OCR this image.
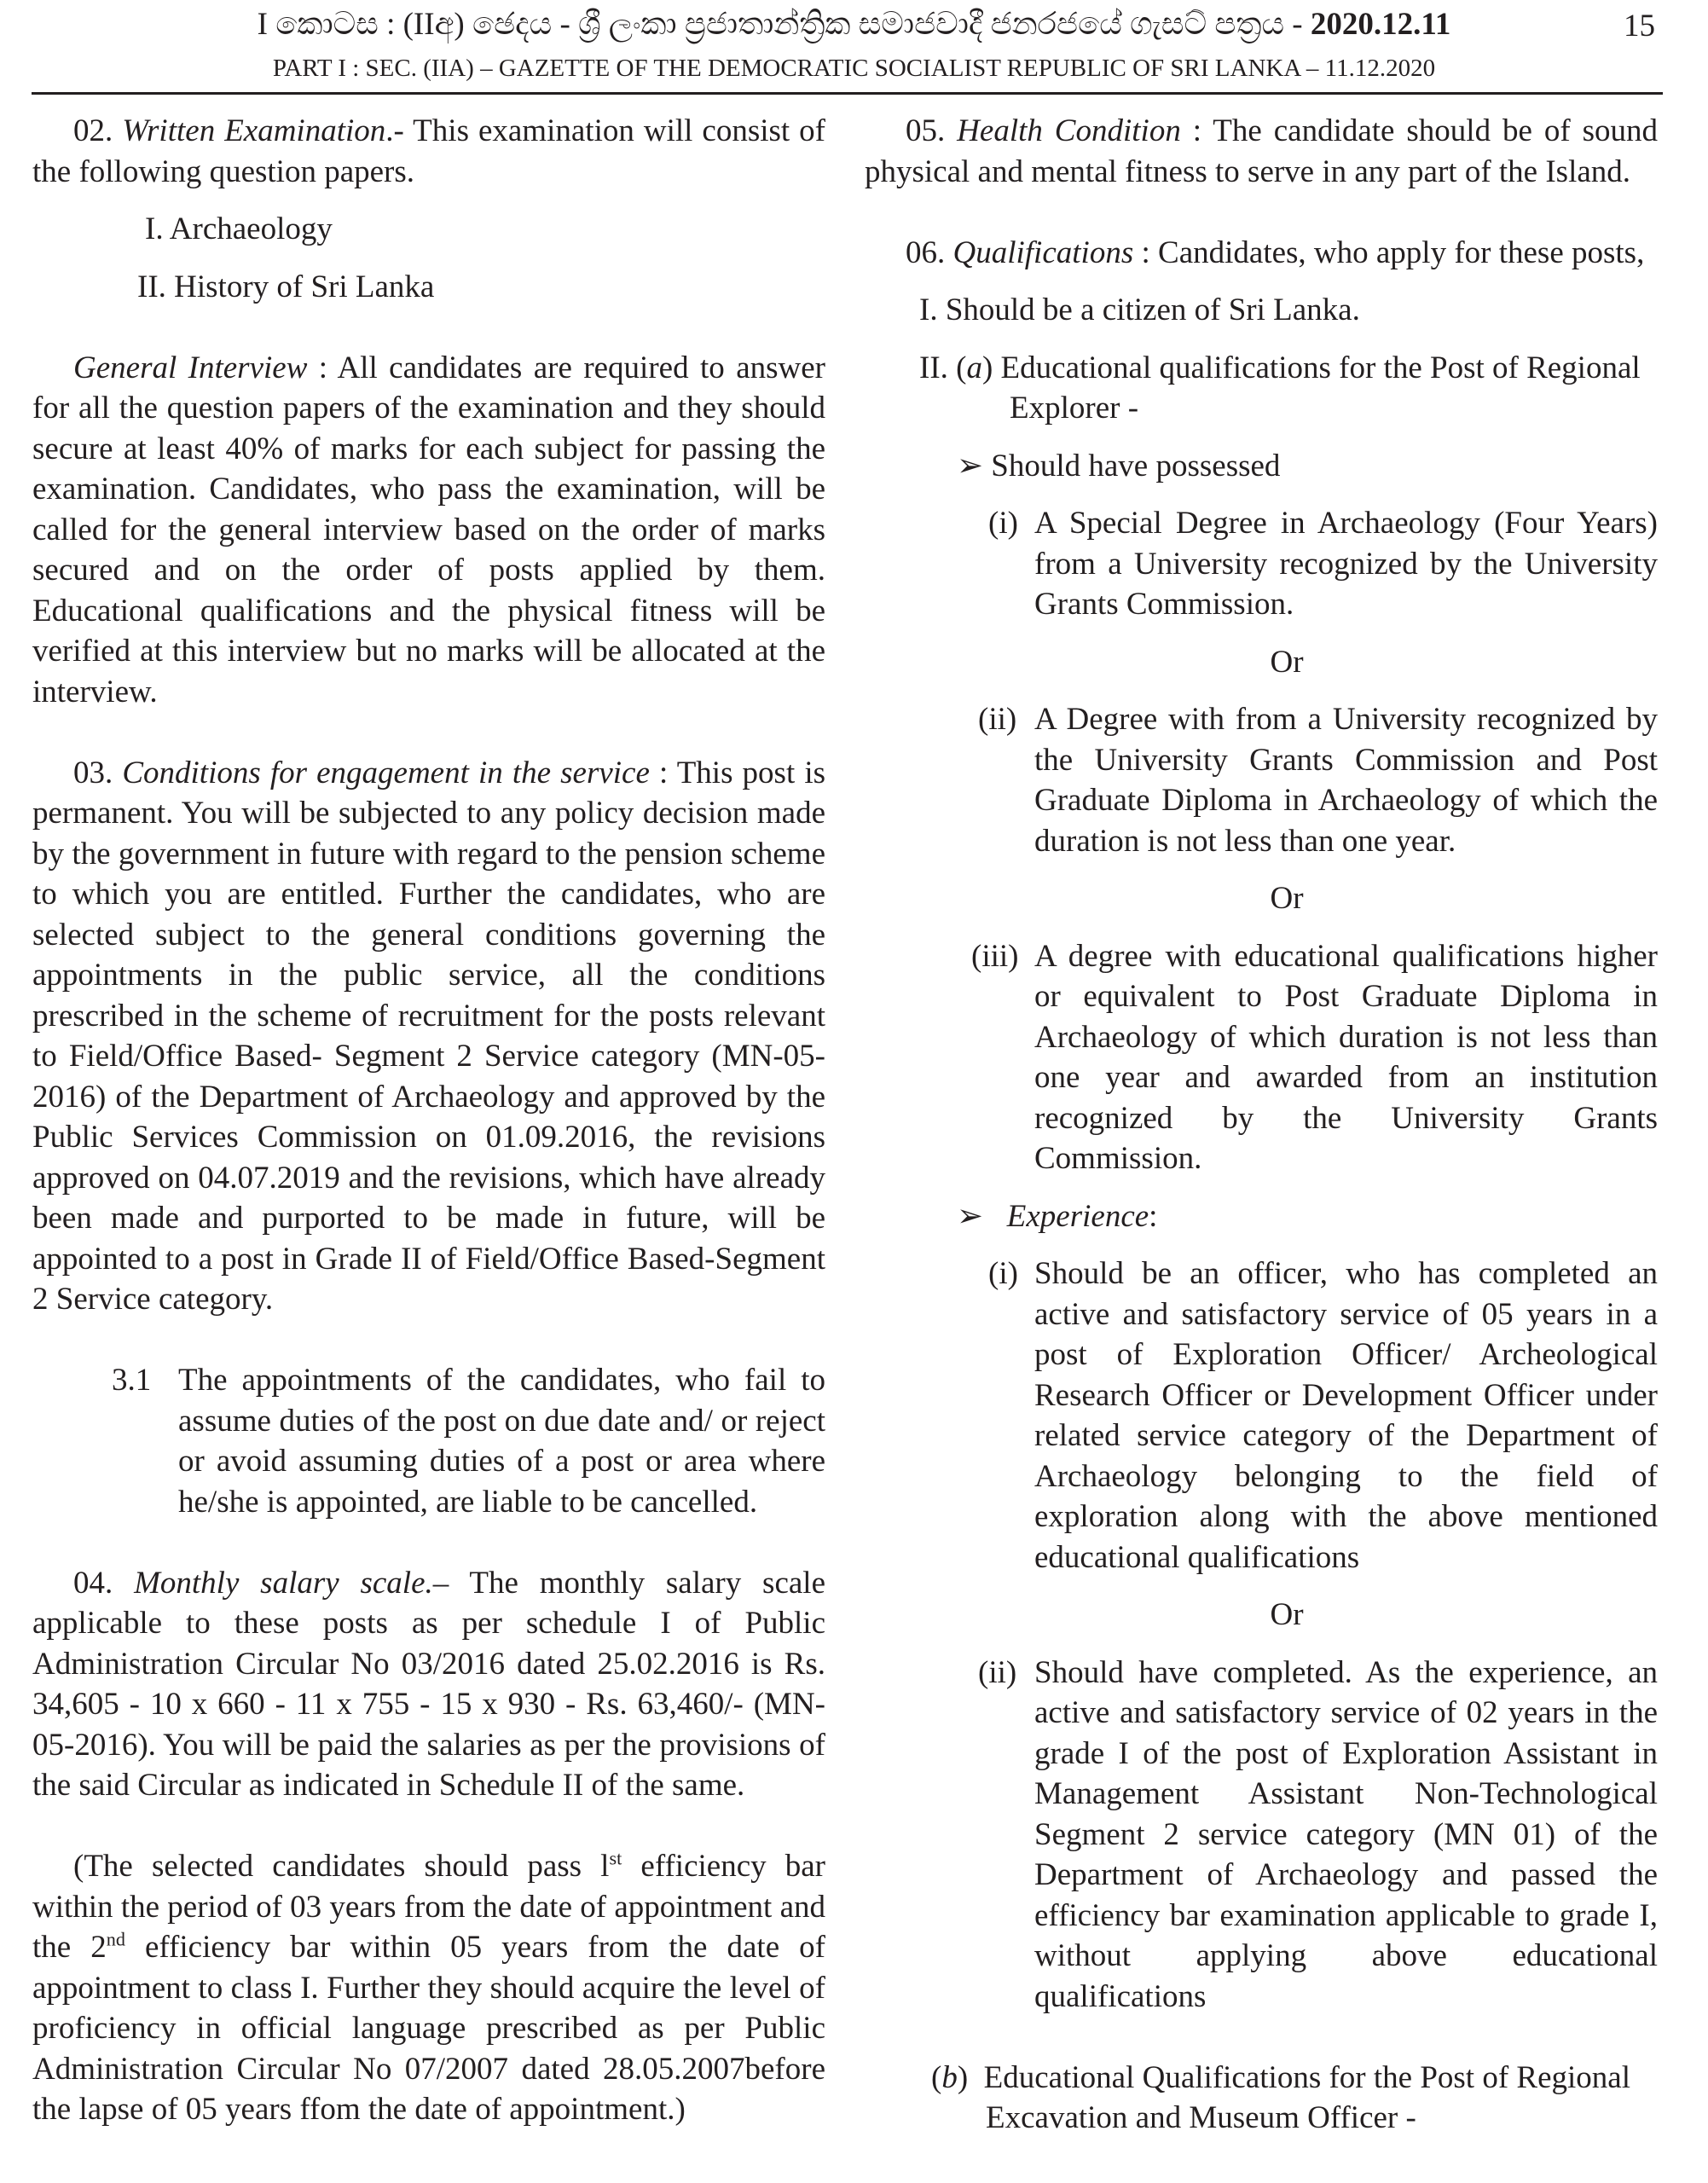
I කොටස : (IIඅ) ඡෙදය - ශ්‍රී ලංකා ප්‍රජාතාන්ත්‍රික සමාජවාදී ජනරජයේ ගැසට් පත්‍රය - 2020.12.11	15
PART I : SEC. (IIA) – GAZETTE OF THE DEMOCRATIC SOCIALIST REPUBLIC OF SRI LANKA – 11.12.2020

02. Written Examination.- This examination will consist of the following question papers.

I. Archaeology

II. History of Sri Lanka

General Interview : All candidates are required to answer for all the question papers of the examination and they should secure at least 40% of marks for each subject for passing the examination. Candidates, who pass the examination, will be called for the general interview based on the order of marks secured and on the order of posts applied by them. Educational qualifications and the physical fitness will be verified at this interview but no marks will be allocated at the interview.

03. Conditions for engagement in the service : This post is permanent. You will be subjected to any policy decision made by the government in future with regard to the pension scheme to which you are entitled. Further the candidates, who are selected subject to the general conditions governing the appointments in the public service, all the conditions prescribed in the scheme of recruitment for the posts relevant to Field/Office Based- Segment 2 Service category (MN-05-2016) of the Department of Archaeology and approved by the Public Services Commission on 01.09.2016, the revisions approved on 04.07.2019 and the revisions, which have already been made and purported to be made in future, will be appointed to a post in Grade II of Field/Office Based-Segment 2 Service category.

3.1 The appointments of the candidates, who fail to assume duties of the post on due date and/ or reject or avoid assuming duties of a post or area where he/she is appointed, are liable to be cancelled.

04. Monthly salary scale.– The monthly salary scale applicable to these posts as per schedule I of Public Administration Circular No 03/2016 dated 25.02.2016 is Rs. 34,605 - 10 x 660 - 11 x 755 - 15 x 930 - Rs. 63,460/- (MN-05-2016). You will be paid the salaries as per the provisions of the said Circular as indicated in Schedule II of the same.

(The selected candidates should pass $l^{st}$ efficiency bar within the period of 03 years from the date of appointment and the 2nd efficiency bar within 05 years from the date of appointment to class I. Further they should acquire the level of proficiency in official language prescribed as per Public Administration Circular No 07/2007 dated 28.05.2007before the lapse of 05 years ffom the date of appointment.)

05. Health Condition : The candidate should be of sound physical and mental fitness to serve in any part of the Island.

06. Qualifications : Candidates, who apply for these posts,

I. Should be a citizen of Sri Lanka.

II. (a) Educational qualifications for the Post of Regional

Explorer -

➢ Should have possessed

(i) A Special Degree in Archaeology (Four Years) from a University recognized by the University Grants Commission.

Or

(ii) A Degree with from a University recognized by the University Grants Commission and Post Graduate Diploma in Archaeology of which the duration is not less than one year.

Or

(iii) A degree with educational qualifications higher or equivalent to Post Graduate Diploma in Archaeology of which duration is not less than one year and awarded from an institution recognized by the University Grants Commission.

➢ Experience:

(i) Should be an officer, who has completed an active and satisfactory service of 05 years in a post of Exploration Officer/ Archeological Research Officer or Development Officer under related service category of the Department of Archaeology belonging to the field of exploration along with the above mentioned educational qualifications

Or

(ii) Should have completed. As the experience, an active and satisfactory service of 02 years in the grade I of the post of Exploration Assistant in Management Assistant Non-Technological Segment 2 service category (MN 01) of the Department of Archaeology and passed the efficiency bar examination applicable to grade I, without applying above educational qualifications

(b) Educational Qualifications for the Post of Regional

Excavation and Museum Officer -
